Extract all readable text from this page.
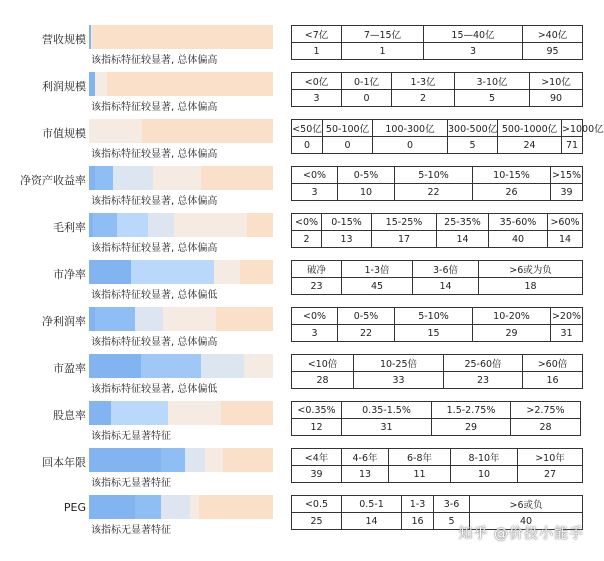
营收规模
该指标特征较显著, 总体偏高
<7亿	7—15亿	15—40亿	>40亿
1	1	3	95
利润规模
该指标特征较显著, 总体偏高
<0亿	0-1亿	1-3亿	3-10亿	>10亿
3	0	2	5	90
市值规模
该指标特征较显著, 总体偏高
<50亿	50-100亿	100-300亿	300-500亿	500-1000亿	>1000亿
0	0	0	5	24	71
净资产收益率
该指标特征较显著, 总体偏高
<0%	0-5%	5-10%	10-15%	>15%
3	10	22	26	39
毛利率
该指标特征较显著, 总体偏高
<0%	0-15%	15-25%	25-35%	35-60%	>60%
2	13	17	14	40	14
市净率
该指标特征较显著, 总体偏低
破净	1-3倍	3-6倍	>6或为负
23	45	14	18
净利润率
该指标特征较显著, 总体偏高
<0%	0-5%	5-10%	10-20%	>20%
3	22	15	29	31
市盈率
该指标特征较显著, 总体偏低
<10倍	10-25倍	25-60倍	>60倍
28	33	23	16
股息率
该指标无显著特征
<0.35%	0.35-1.5%	1.5-2.75%	>2.75%
12	31	29	28
回本年限
该指标无显著特征
<4年	4-6年	6-8年	8-10年	>10年
39	13	11	10	27
PEG
该指标无显著特征
<0.5	0.5-1	1-3	3-6	>6或负
25	14	16	5	40
知乎 @价投小能手
